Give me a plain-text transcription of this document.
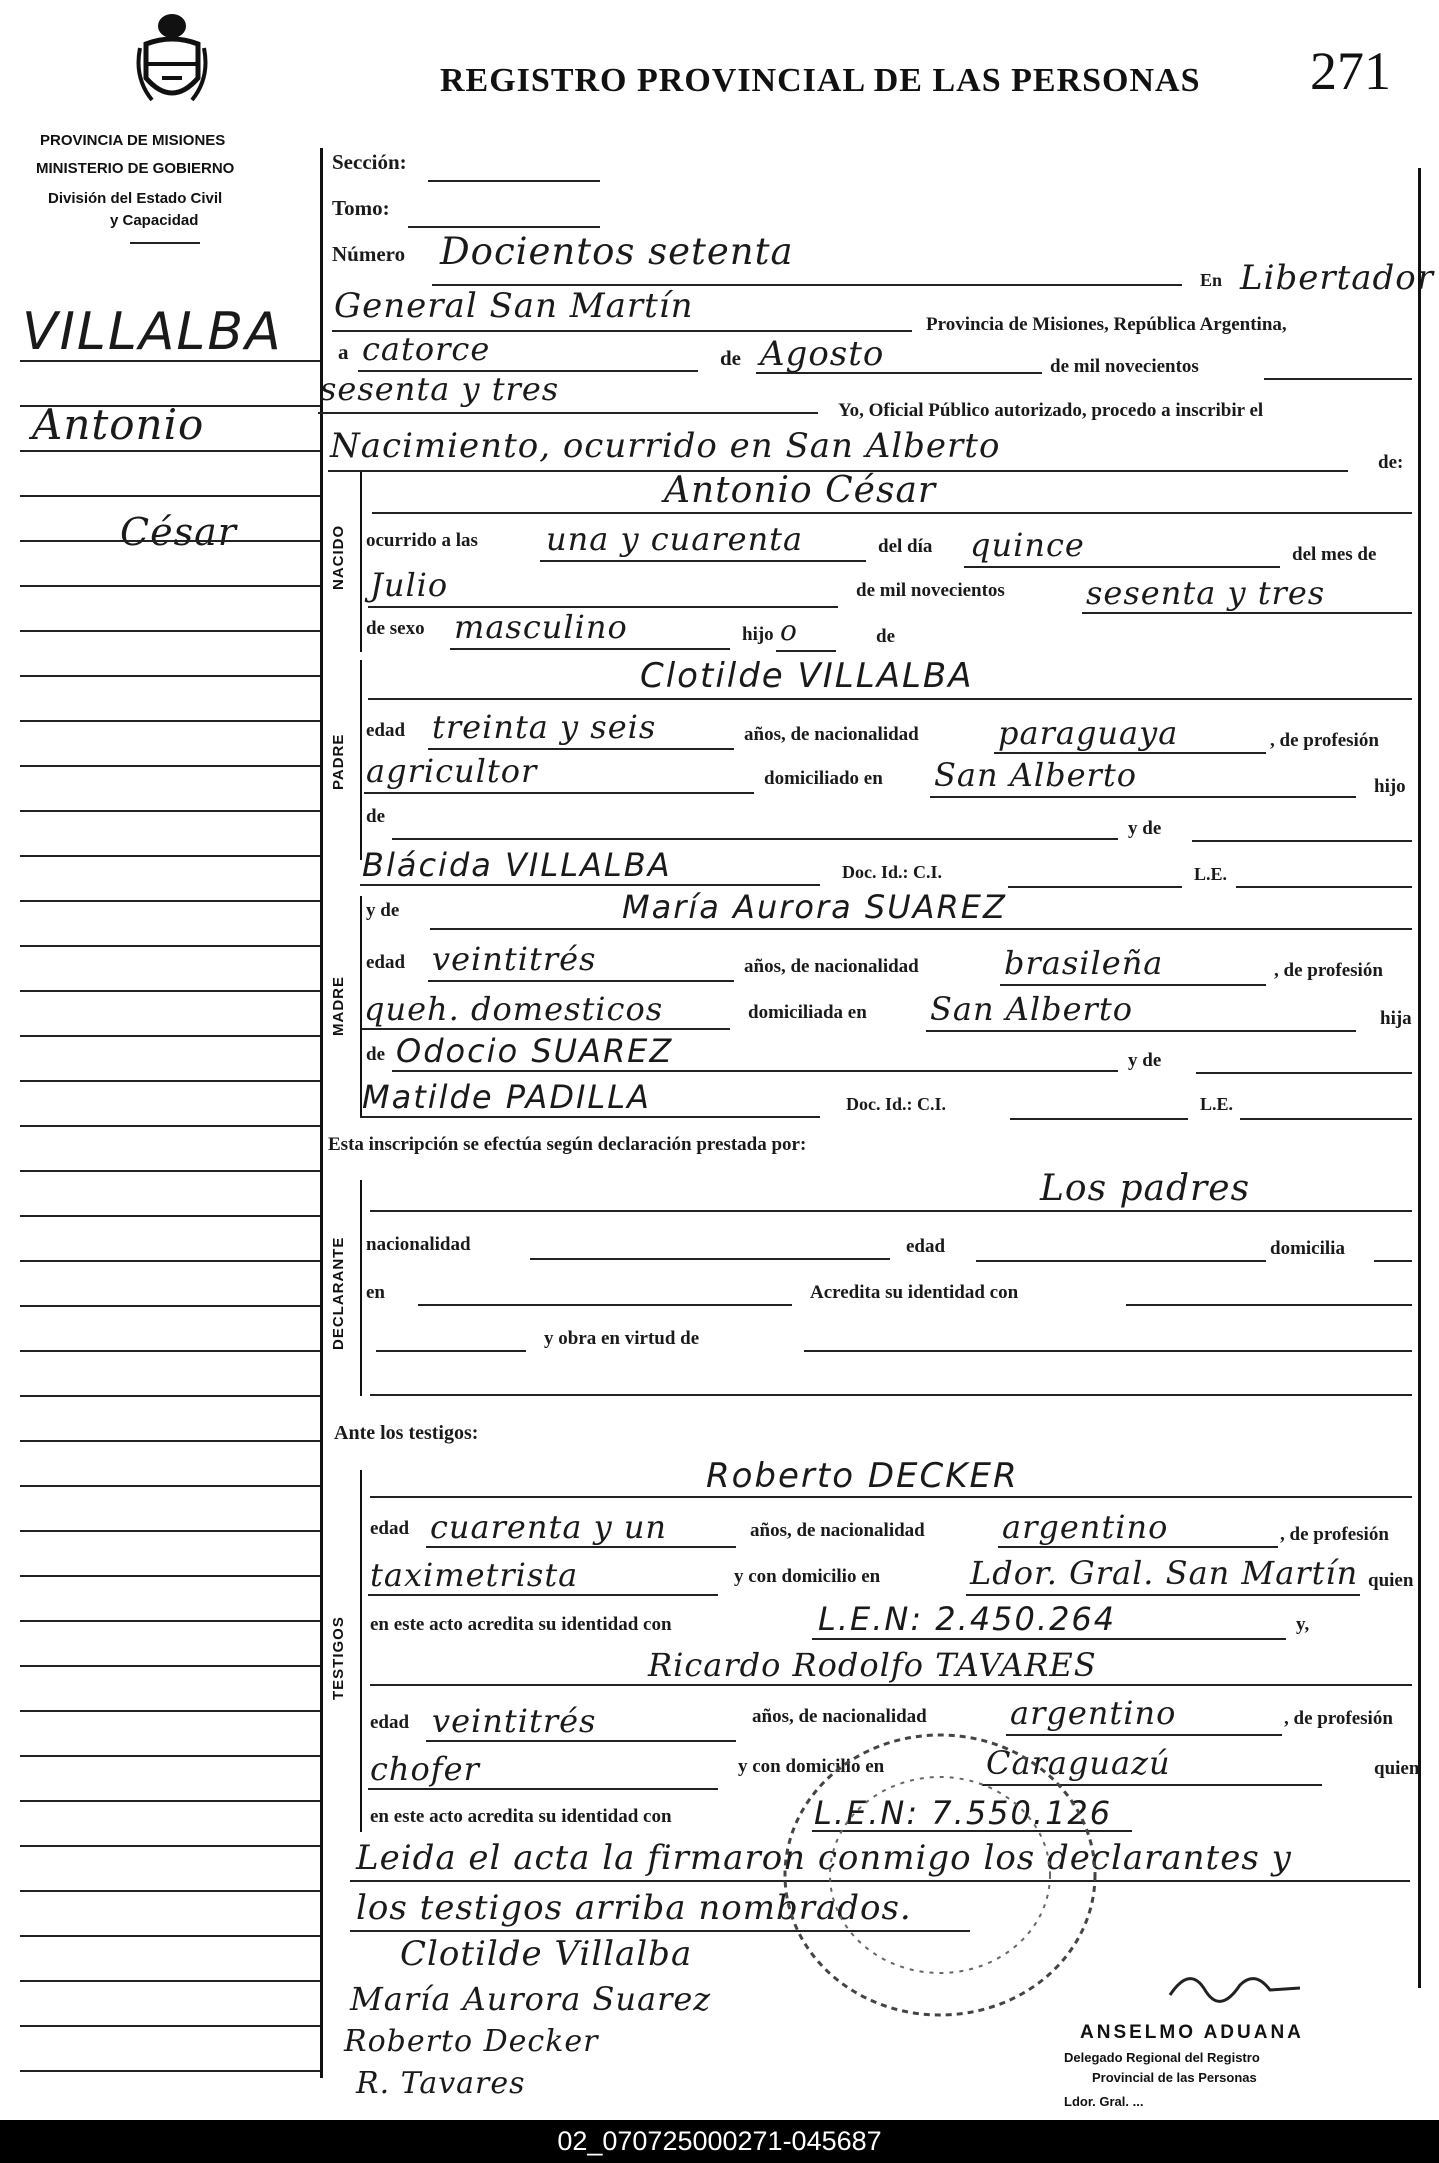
PROVINCIA DE MISIONES
MINISTERIO DE GOBIERNO
División del Estado Civil
y Capacidad
REGISTRO PROVINCIAL DE LAS PERSONAS 271
VILLALBA
Antonio
César
Sección:
Tomo:
Número Docientos setenta
En Libertador
General San Martín	Provincia de Misiones, República Argentina,
a catorce	de Agosto	de mil novecientos
sesenta y tres
Yo, Oficial Público autorizado, procedo a inscribir el
Nacimiento, ocurrido en San Alberto	de:
NACIDO
Antonio César
ocurrido a las una y cuarenta	del día quince	del mes de
Julio	de mil novecientos	sesenta y tres
de sexo masculino	hijo o	de
PADRE
Clotilde VILLALBA
edad treinta y seis	años, de nacionalidad paraguaya	, de profesión
agricultor	domiciliado en San Alberto	hijo
de
y de
Blácida VILLALBA	Doc. Id.: C.I.	L.E.
MADRE
y de	María Aurora SUAREZ
edad veintitrés	años, de nacionalidad	brasileña	, de profesión
queh. domesticos	domiciliada en San Alberto	hija
de Odocio SUAREZ	y de
Matilde PADILLA	Doc. Id.: C.I.	L.E.
Esta inscripción se efectúa según declaración prestada por:
DECLARANTE
Los padres
nacionalidad	edad	domicilia
en	Acredita su identidad con
y obra en virtud de
Ante los testigos:
TESTIGOS
Roberto DECKER
edad cuarenta y un	años, de nacionalidad argentino	, de profesión
taximetrista	y con domicilio en	Ldor. Gral. San Martín quien
en este acto acredita su identidad con	L.E.N: 2.450.264	y,
Ricardo Rodolfo TAVARES
edad veintitrés	años, de nacionalidad	argentino	, de profesión
chofer	y con domicilio en	Caraguazú	quien
en este acto acredita su identidad con	L.E.N: 7.550.126
Leida el acta la firmaron conmigo los declarantes y
los testigos arriba nombrados.
Clotilde Villalba
María Aurora Suarez
Roberto Decker
R. Tavares
ANSELMO ADUANA
Delegado Regional del Registro
Provincial de las Personas
Ldor. Gral. ...
02_070725000271-045687
